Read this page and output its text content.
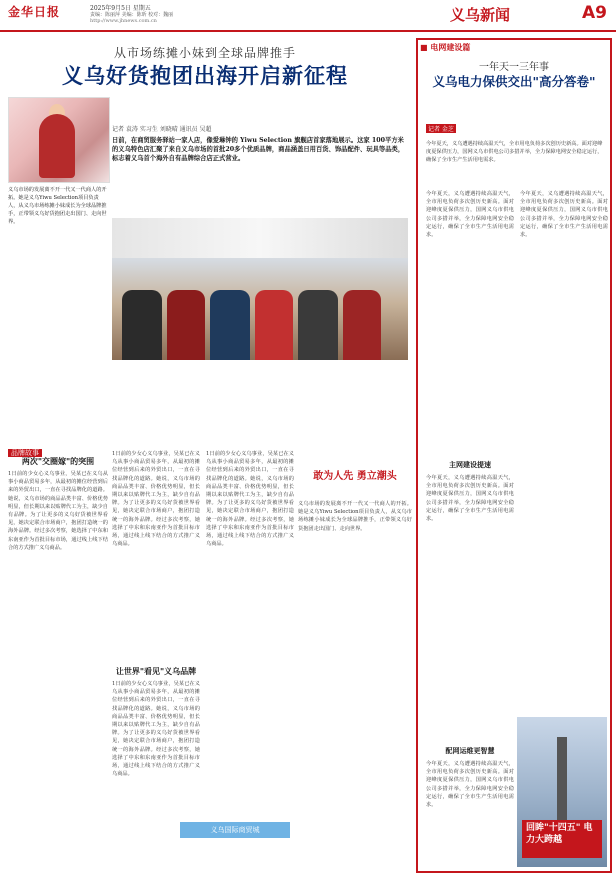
金华日报	2025年9月5日 星期五
责编：陈丽萍 美编：陈昕 校对：魏丽
http://www.jhnews.com.cn	义乌新闻	A9
从市场练摊小妹到全球品牌推手
义乌好货抱团出海开启新征程
记者 袁涛 实习生 刘晓晴 通讯员 吴超
日前，在商贸服务驿站一家人店，像爱琳钟的 Yiwu Selection 旗舰店首家落地展示。这家 100平方米的义乌特色店汇聚了来自义乌市场的首批20多个优质品牌，商品涵盖日用百货、饰品配件、玩具等品类，标志着义乌首个海外自有品牌综合店正式营业。
义乌市场的发展离不开一代又一代商人的开拓。她是义乌Yiwu Selection项目负责人，从义乌市场练摊小妹成长为全球品牌推手，正带领义乌好货抱团走出国门、走向世界。
品牌故事
两次"交圈嫁"的突围
1日前的少女心义乌事业，吴某已在义乌从事小商品贸易多年，从最初的摊位经营到后来的外贸出口，一直在寻找品牌化的道路。她说，义乌市场的商品品类丰富、价格优势明显，但长期以来以贴牌代工为主，缺少自有品牌。为了让更多的义乌好货被世界看见，她决定联合市场商户，抱团打造统一的海外品牌。经过多次考察，她选择了中东和东南亚作为首批目标市场，通过线上线下结合的方式推广义乌商品。
1日前的少女心义乌事业，吴某已在义乌从事小商品贸易多年，从最初的摊位经营到后来的外贸出口，一直在寻找品牌化的道路。她说，义乌市场的商品品类丰富、价格优势明显，但长期以来以贴牌代工为主，缺少自有品牌。为了让更多的义乌好货被世界看见，她决定联合市场商户，抱团打造统一的海外品牌。经过多次考察，她选择了中东和东南亚作为首批目标市场，通过线上线下结合的方式推广义乌商品。
让世界"看见"义乌品牌
1日前的少女心义乌事业，吴某已在义乌从事小商品贸易多年，从最初的摊位经营到后来的外贸出口，一直在寻找品牌化的道路。她说，义乌市场的商品品类丰富、价格优势明显，但长期以来以贴牌代工为主，缺少自有品牌。为了让更多的义乌好货被世界看见，她决定联合市场商户，抱团打造统一的海外品牌。经过多次考察，她选择了中东和东南亚作为首批目标市场，通过线上线下结合的方式推广义乌商品。
1日前的少女心义乌事业，吴某已在义乌从事小商品贸易多年，从最初的摊位经营到后来的外贸出口，一直在寻找品牌化的道路。她说，义乌市场的商品品类丰富、价格优势明显，但长期以来以贴牌代工为主，缺少自有品牌。为了让更多的义乌好货被世界看见，她决定联合市场商户，抱团打造统一的海外品牌。经过多次考察，她选择了中东和东南亚作为首批目标市场，通过线上线下结合的方式推广义乌商品。
敢为人先 勇立潮头
义乌市场的发展离不开一代又一代商人的开拓。她是义乌Yiwu Selection项目负责人，从义乌市场练摊小妹成长为全球品牌推手，正带领义乌好货抱团走出国门、走向世界。
义乌国际商贸城
■ 电网建设篇
一年天一三年事
义乌电力保供交出"高分答卷"
记者 金芝
今年夏天，义乌遭遇持续高温天气，全市用电负荷多次创历史新高。面对迎峰度夏保供压力，国网义乌市供电公司多措并举，全力保障电网安全稳定运行，确保了全市生产生活用电需求。
今年夏天，义乌遭遇持续高温天气，全市用电负荷多次创历史新高。面对迎峰度夏保供压力，国网义乌市供电公司多措并举，全力保障电网安全稳定运行，确保了全市生产生活用电需求。
今年夏天，义乌遭遇持续高温天气，全市用电负荷多次创历史新高。面对迎峰度夏保供压力，国网义乌市供电公司多措并举，全力保障电网安全稳定运行，确保了全市生产生活用电需求。
主网建设提速
今年夏天，义乌遭遇持续高温天气，全市用电负荷多次创历史新高。面对迎峰度夏保供压力，国网义乌市供电公司多措并举，全力保障电网安全稳定运行，确保了全市生产生活用电需求。
配网运维更智慧
今年夏天，义乌遭遇持续高温天气，全市用电负荷多次创历史新高。面对迎峰度夏保供压力，国网义乌市供电公司多措并举，全力保障电网安全稳定运行，确保了全市生产生活用电需求。
回眸"十四五" 电力大跨越
